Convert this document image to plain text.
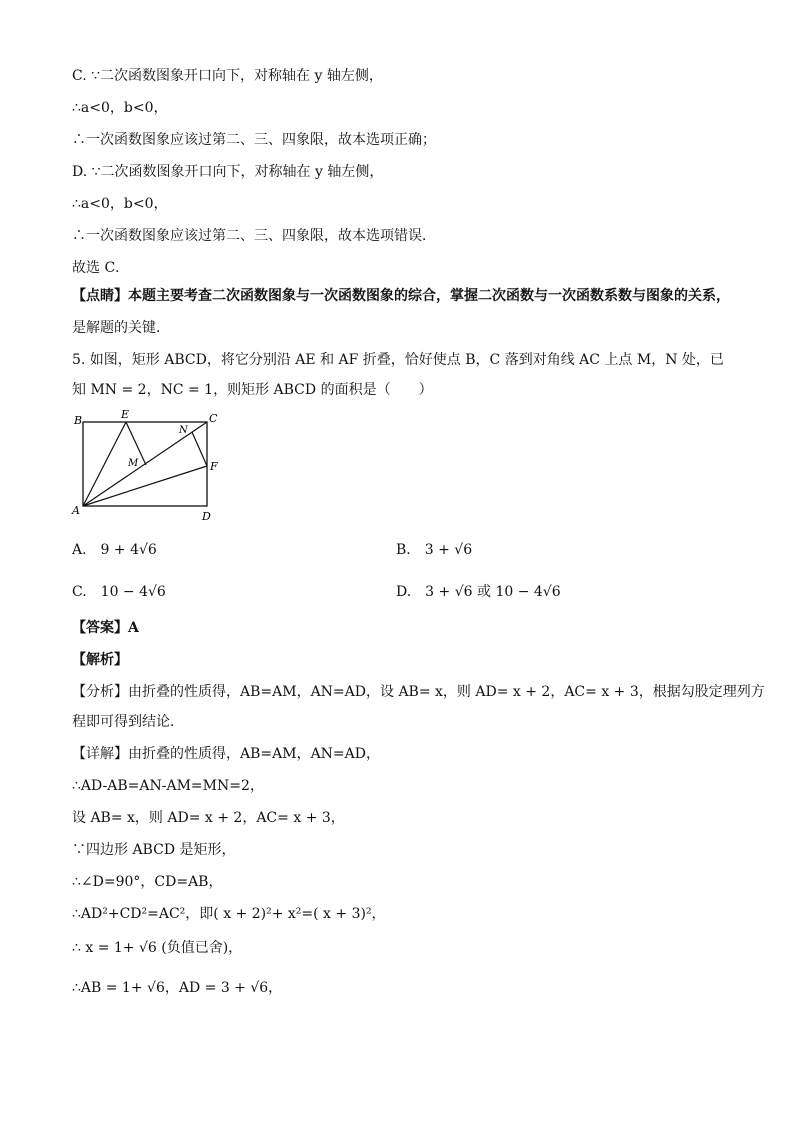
C. ∵二次函数图象开口向下，对称轴在 y 轴左侧，
∴a<0，b<0，
∴一次函数图象应该过第二、三、四象限，故本选项正确；
D. ∵二次函数图象开口向下，对称轴在 y 轴左侧，
∴a<0，b<0，
∴一次函数图象应该过第二、三、四象限，故本选项错误．
故选 C．
【点睛】本题主要考查二次函数图象与一次函数图象的综合，掌握二次函数与一次函数系数与图象的关系，
是解题的关键．
5. 如图，矩形 ABCD，将它分别沿 AE 和 AF 折叠，恰好使点 B，C 落到对角线 AC 上点 M，N 处，已
知 MN = 2，NC = 1，则矩形 ABCD 的面积是（　　）
B	E	C
N
M	F
A	D
A.　9 + 4√6	B.　3 + √6
C.　10 − 4√6	D.　3 + √6 或 10 − 4√6
【答案】A
【解析】
【分析】由折叠的性质得，AB=AM，AN=AD，设 AB= x，则 AD= x + 2，AC= x + 3，根据勾股定理列方
程即可得到结论．
【详解】由折叠的性质得，AB=AM，AN=AD，
∴AD-AB=AN-AM=MN=2，
设 AB= x，则 AD= x + 2，AC= x + 3，
∵四边形 ABCD 是矩形，
∴∠D=90°，CD=AB，
∴AD²+CD²=AC²，即( x + 2)²+ x²=( x + 3)²，
∴ x = 1+ √6 (负值已舍)，
∴AB = 1+ √6，AD = 3 + √6，
